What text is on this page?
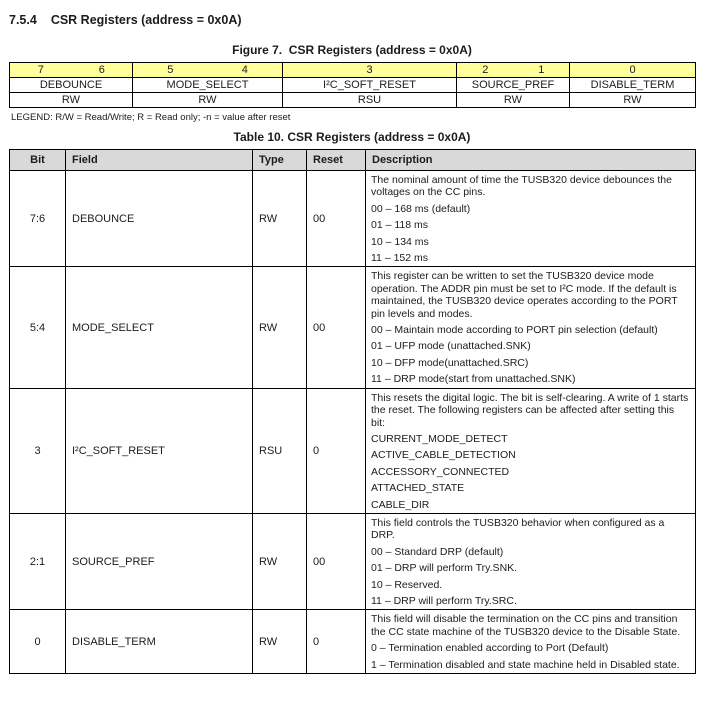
7.5.4 CSR Registers (address = 0x0A)
Figure 7.  CSR Registers (address = 0x0A)
7	6	5	4	3	2	1	0
DEBOUNCE		MODE_SELECT		I²C_SOFT_RESET	SOURCE_PREF		DISABLE_TERM
RW		RW		RSU	RW		RW
LEGEND: R/W = Read/Write; R = Read only; -n = value after reset
Table 10. CSR Registers (address = 0x0A)
Bit	Field	Type	Reset	Description
7:6	DEBOUNCE	RW	00	The nominal amount of time the TUSB320 device debounces the voltages on the CC pins.

00 – 168 ms (default)

01 – 118 ms

10 – 134 ms

11 – 152 ms

5:4	MODE_SELECT	RW	00	This register can be written to set the TUSB320 device mode operation. The ADDR pin must be set to I²C mode. If the default is maintained, the TUSB320 device operates according to the PORT pin levels and modes.

00 – Maintain mode according to PORT pin selection (default)

01 – UFP mode (unattached.SNK)

10 – DFP mode(unattached.SRC)

11 – DRP mode(start from unattached.SNK)

3	I²C_SOFT_RESET	RSU	0	

This resets the digital logic. The bit is self-clearing. A write of 1 starts the reset. The following registers can be affected after setting this bit:

CURRENT_MODE_DETECT

ACTIVE_CABLE_DETECTION

ACCESSORY_CONNECTED

ATTACHED_STATE

CABLE_DIR

2:1	SOURCE_PREF	RW	00	This field controls the TUSB320 behavior when configured as a DRP.

00 – Standard DRP (default)

01 – DRP will perform Try.SNK.

10 – Reserved.

11 – DRP will perform Try.SRC.

0	DISABLE_TERM	RW	0	This field will disable the termination on the CC pins and transition the CC state machine of the TUSB320 device to the Disable State.

0 – Termination enabled according to Port (Default)

1 – Termination disabled and state machine held in Disabled state.
